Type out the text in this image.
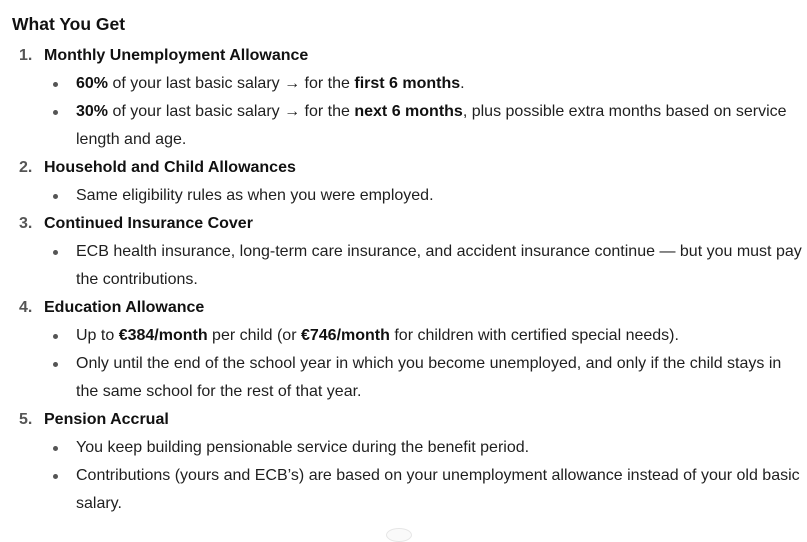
What You Get
1. Monthly Unemployment Allowance
60% of your last basic salary → for the first 6 months.
30% of your last basic salary → for the next 6 months, plus possible extra months based on service length and age.
2. Household and Child Allowances
Same eligibility rules as when you were employed.
3. Continued Insurance Cover
ECB health insurance, long-term care insurance, and accident insurance continue — but you must pay the contributions.
4. Education Allowance
Up to €384/month per child (or €746/month for children with certified special needs).
Only until the end of the school year in which you become unemployed, and only if the child stays in the same school for the rest of that year.
5. Pension Accrual
You keep building pensionable service during the benefit period.
Contributions (yours and ECB’s) are based on your unemployment allowance instead of your old basic salary.
